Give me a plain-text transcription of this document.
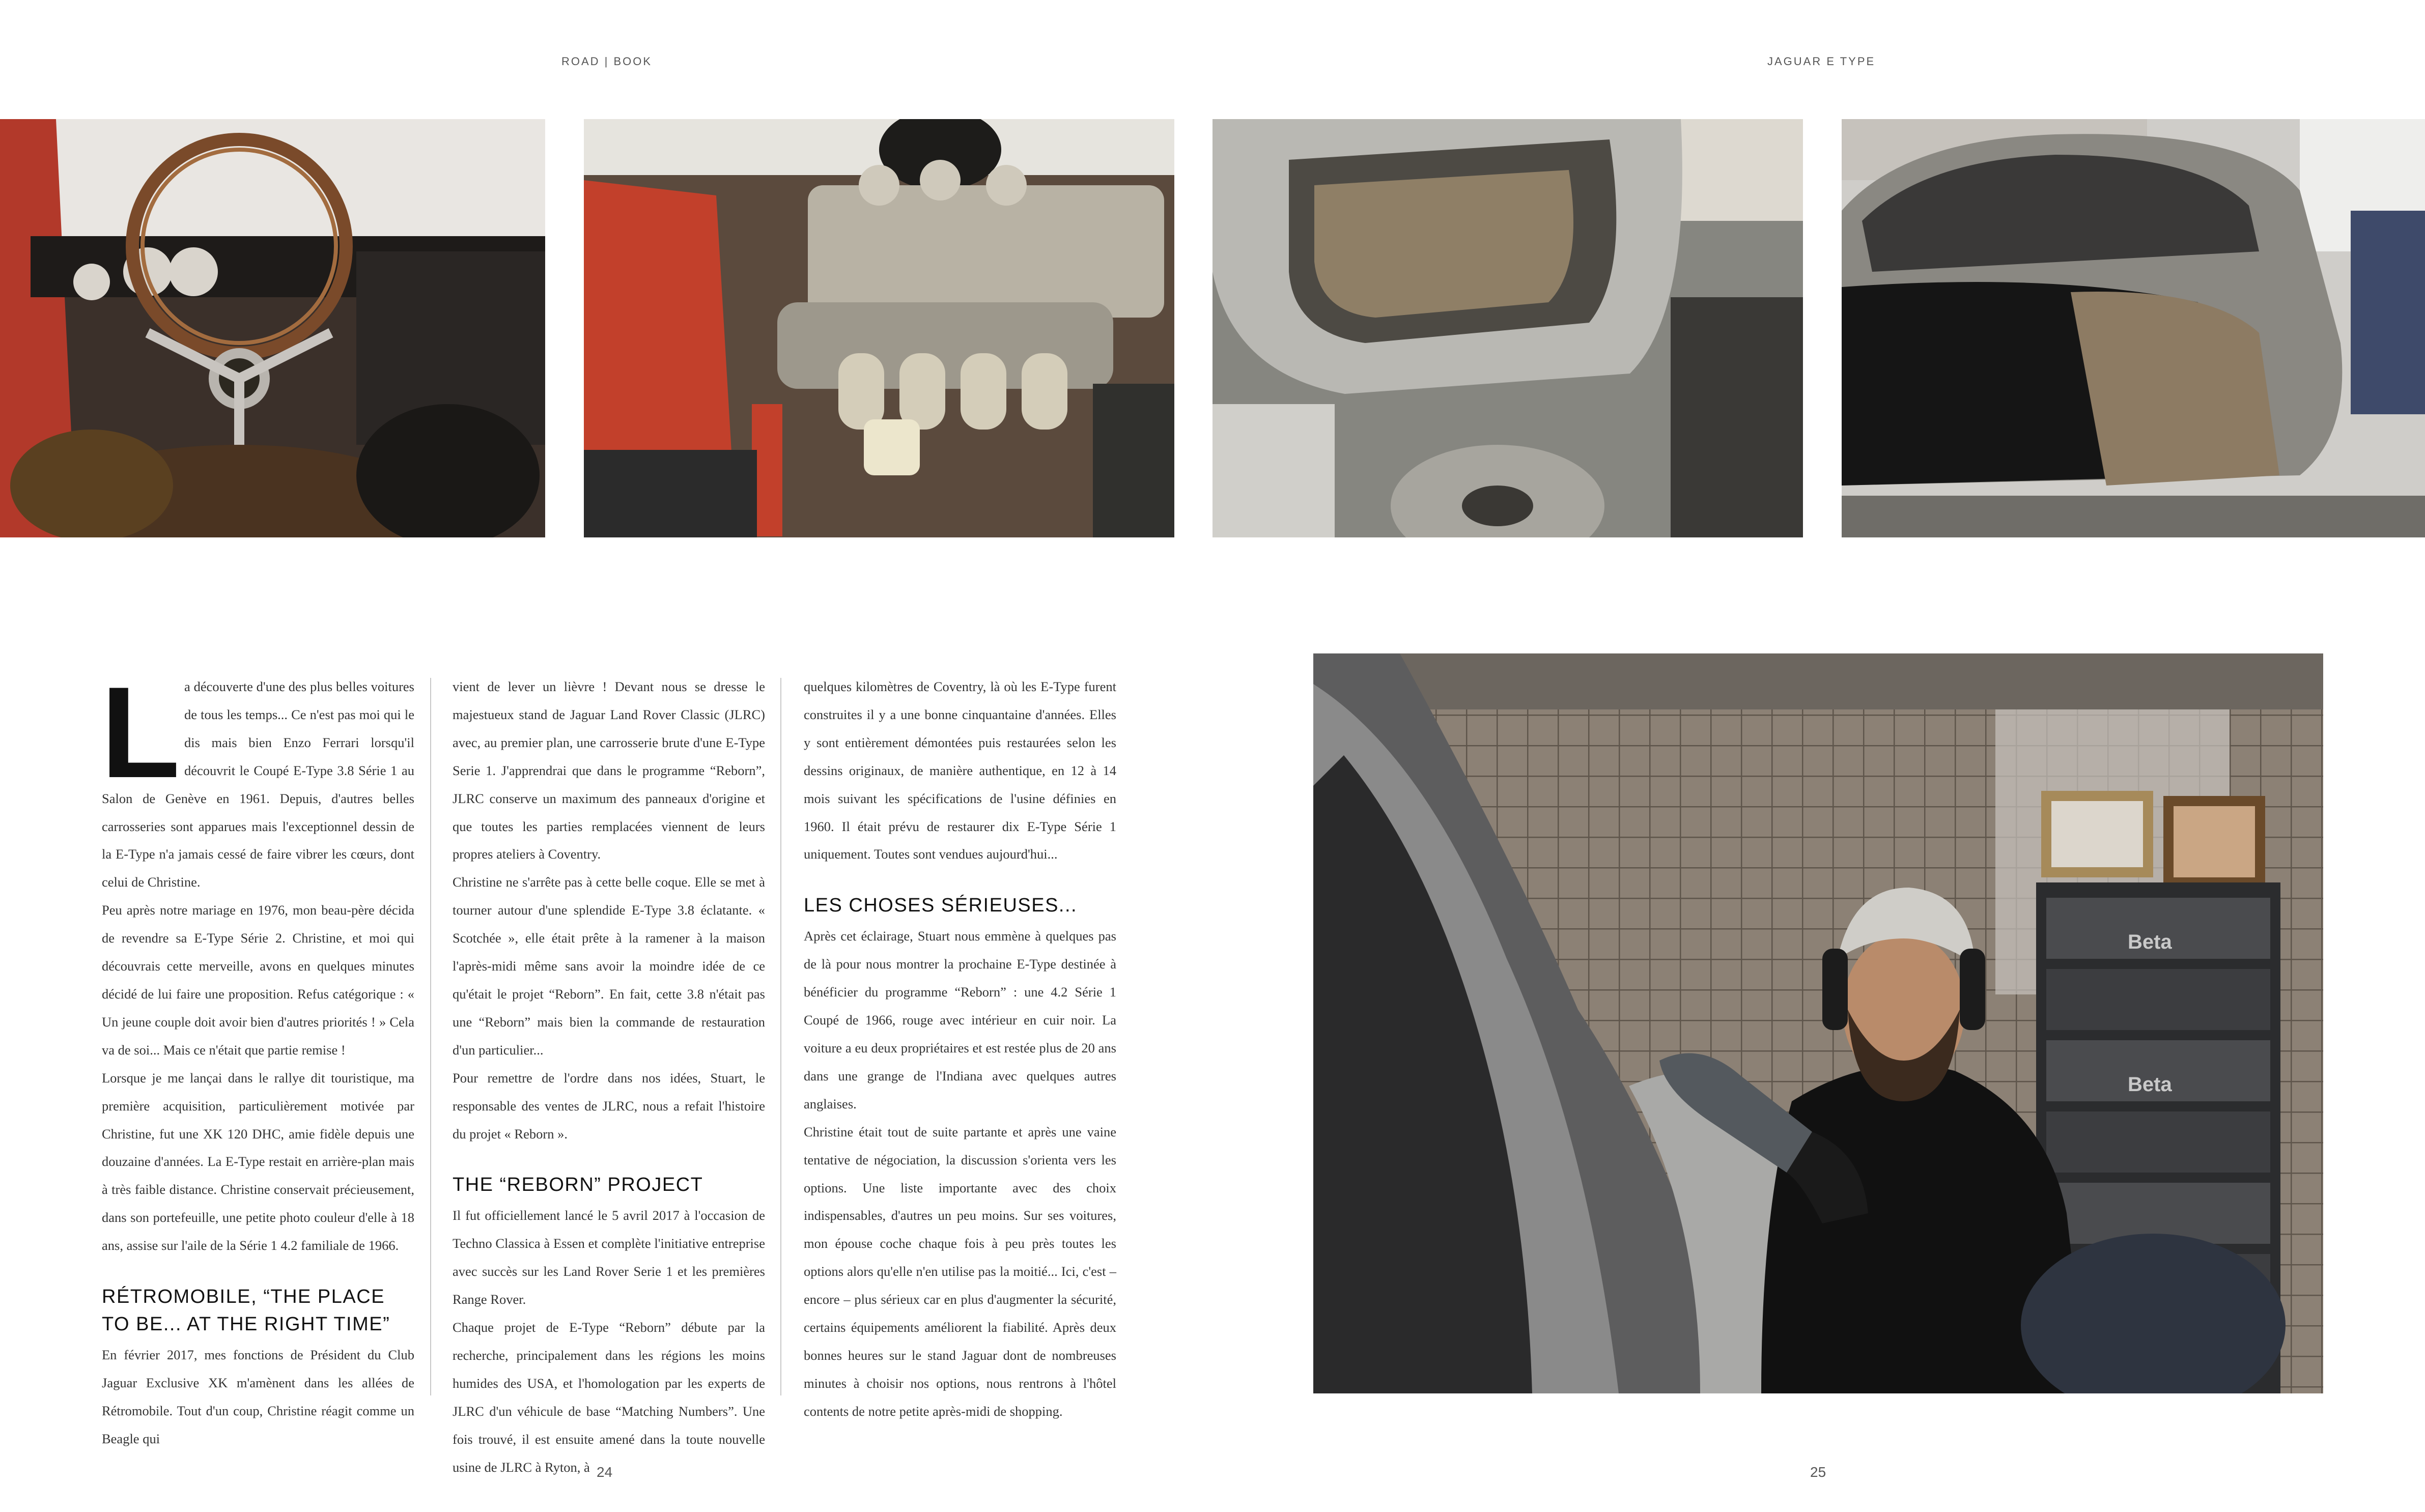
ROAD | BOOK	JAGUAR E TYPE

L a découverte d'une des plus belles voitures de tous les temps... Ce n'est pas moi qui le dis mais bien Enzo Ferrari lorsqu'il découvrit le Coupé E-Type 3.8 Série 1 au Salon de Genève en 1961. Depuis, d'autres belles carrosseries sont apparues mais l'exceptionnel dessin de la E-Type n'a jamais cessé de faire vibrer les cœurs, dont celui de Christine.

Peu après notre mariage en 1976, mon beau-père décida de revendre sa E-Type Série 2. Christine, et moi qui découvrais cette merveille, avons en quelques minutes décidé de lui faire une proposition. Refus catégorique : « Un jeune couple doit avoir bien d'autres priorités ! » Cela va de soi... Mais ce n'était que partie remise !

Lorsque je me lançai dans le rallye dit touristique, ma première acquisition, particulièrement motivée par Christine, fut une XK 120 DHC, amie fidèle depuis une douzaine d'années. La E-Type restait en arrière-plan mais à très faible distance. Christine conservait précieusement, dans son portefeuille, une petite photo couleur d'elle à 18 ans, assise sur l'aile de la Série 1 4.2 familiale de 1966.

RÉTROMOBILE, “THE PLACE TO BE... AT THE RIGHT TIME”

En février 2017, mes fonctions de Président du Club Jaguar Exclusive XK m'amènent dans les allées de Rétromobile. Tout d'un coup, Christine réagit comme un Beagle qui

vient de lever un lièvre ! Devant nous se dresse le majestueux stand de Jaguar Land Rover Classic (JLRC) avec, au premier plan, une carrosserie brute d'une E-Type Serie 1. J'apprendrai que dans le programme “Reborn”, JLRC conserve un maximum des panneaux d'origine et que toutes les parties remplacées viennent de leurs propres ateliers à Coventry.

Christine ne s'arrête pas à cette belle coque. Elle se met à tourner autour d'une splendide E-Type 3.8 éclatante. « Scotchée », elle était prête à la ramener à la maison l'après-midi même sans avoir la moindre idée de ce qu'était le projet “Reborn”. En fait, cette 3.8 n'était pas une “Reborn” mais bien la commande de restauration d'un particulier...

Pour remettre de l'ordre dans nos idées, Stuart, le responsable des ventes de JLRC, nous a refait l'histoire du projet « Reborn ».

THE “REBORN” PROJECT

Il fut officiellement lancé le 5 avril 2017 à l'occasion de Techno Classica à Essen et complète l'initiative entreprise avec succès sur les Land Rover Serie 1 et les premières Range Rover.

Chaque projet de E-Type “Reborn” débute par la recherche, principalement dans les régions les moins humides des USA, et l'homologation par les experts de JLRC d'un véhicule de base “Matching Numbers”. Une fois trouvé, il est ensuite amené dans la toute nouvelle usine de JLRC à Ryton, à

quelques kilomètres de Coventry, là où les E-Type furent construites il y a une bonne cinquantaine d'années. Elles y sont entièrement démontées puis restaurées selon les dessins originaux, de manière authentique, en 12 à 14 mois suivant les spécifications de l'usine définies en 1960. Il était prévu de restaurer dix E-Type Série 1 uniquement. Toutes sont vendues aujourd'hui...

LES CHOSES SÉRIEUSES...

Après cet éclairage, Stuart nous emmène à quelques pas de là pour nous montrer la prochaine E-Type destinée à bénéficier du programme “Reborn” : une 4.2 Série 1 Coupé de 1966, rouge avec intérieur en cuir noir. La voiture a eu deux propriétaires et est restée plus de 20 ans dans une grange de l'Indiana avec quelques autres anglaises.

Christine était tout de suite partante et après une vaine tentative de négociation, la discussion s'orienta vers les options. Une liste importante avec des choix indispensables, d'autres un peu moins. Sur ses voitures, mon épouse coche chaque fois à peu près toutes les options alors qu'elle n'en utilise pas la moitié... Ici, c'est – encore – plus sérieux car en plus d'augmenter la sécurité, certains équipements améliorent la fiabilité. Après deux bonnes heures sur le stand Jaguar dont de nombreuses minutes à choisir nos options, nous rentrons à l'hôtel contents de notre petite après-midi de shopping.

Beta
Beta
24	25
